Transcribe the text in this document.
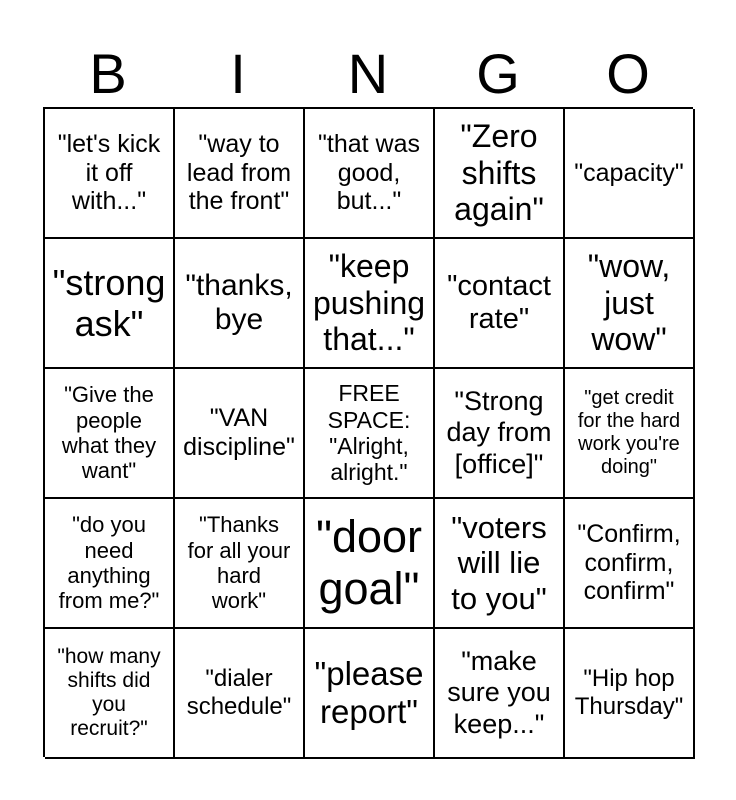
B	I	N	G	O
"let's kick
it off
with..."
"way to
lead from
the front"
"that was
good,
but..."
"Zero
shifts
again"
"capacity"
"strong
ask"
"thanks,
bye
"keep
pushing
that..."
"contact
rate"
"wow,
just
wow"
"Give the
people
what they
want"
"VAN
discipline"
FREE
SPACE:
"Alright,
alright."
"Strong
day from
[office]"
"get credit
for the hard
work you're
doing"
"do you
need
anything
from me?"
"Thanks
for all your
hard
work"
"door
goal"
"voters
will lie
to you"
"Confirm,
confirm,
confirm"
"how many
shifts did
you
recruit?"
"dialer
schedule"
"please
report"
"make
sure you
keep..."
"Hip hop
Thursday"
